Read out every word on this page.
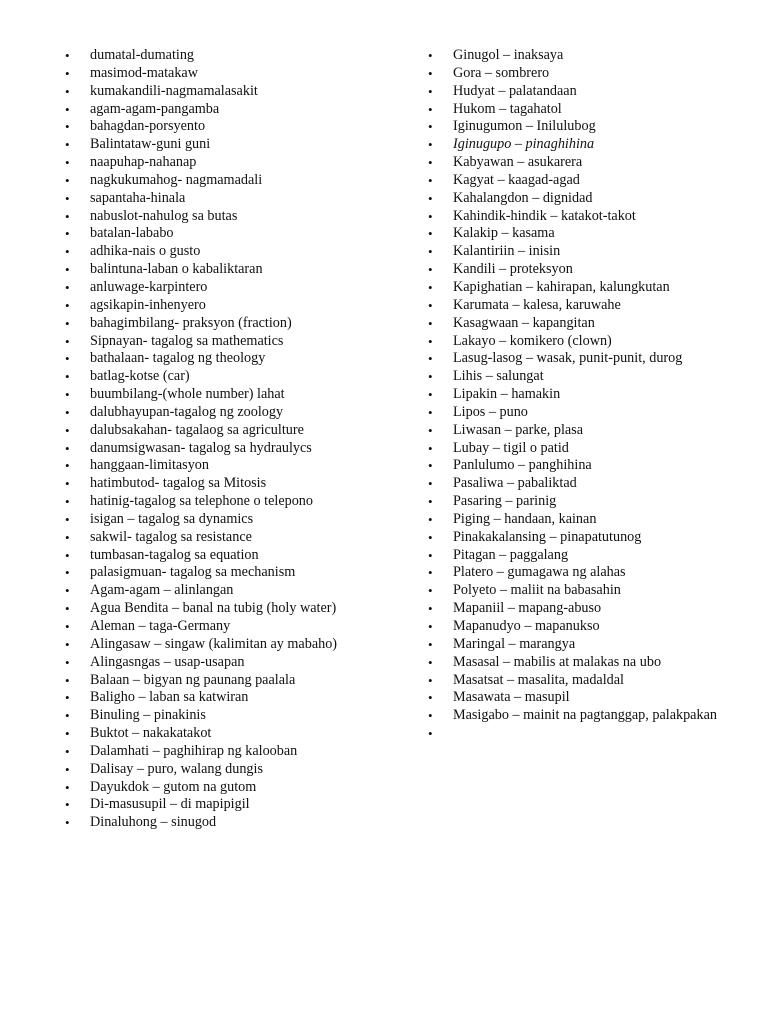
• dumatal-dumating
• masimod-matakaw
• kumakandili-nagmamalasakit
• agam-agam-pangamba
• bahagdan-porsyento
• Balintataw-guni guni
• naapuhap-nahanap
• nagkukumahog- nagmamadali
• sapantaha-hinala
• nabuslot-nahulog sa butas
• batalan-lababo
• adhika-nais o gusto
• balintuna-laban o kabaliktaran
• anluwage-karpintero
• agsikapin-inhenyero
• bahagimbilang- praksyon (fraction)
• Sipnayan- tagalog sa mathematics
• bathalaan- tagalog ng theology
• batlag-kotse (car)
• buumbilang-(whole number) lahat
• dalubhayupan-tagalog ng zoology
• dalubsakahan- tagalaog sa agriculture
• danumsigwasan- tagalog sa hydraulycs
• hanggaan-limitasyon
• hatimbutod- tagalog sa Mitosis
• hatinig-tagalog sa telephone o telepono
• isigan – tagalog sa dynamics
• sakwil- tagalog sa resistance
• tumbasan-tagalog sa equation
• palasigmuan- tagalog sa mechanism
• Agam-agam – alinlangan
• Agua Bendita – banal na tubig (holy water)
• Aleman – taga-Germany
• Alingasaw – singaw (kalimitan ay mabaho)
• Alingasngas – usap-usapan
• Balaan – bigyan ng paunang paalala
• Baligho – laban sa katwiran
• Binuling – pinakinis
• Buktot – nakakatakot
• Dalamhati – paghihirap ng kalooban
• Dalisay – puro, walang dungis
• Dayukdok – gutom na gutom
• Di-masusupil – di mapipigil
• Dinaluhong – sinugod
• Ginugol – inaksaya
• Gora – sombrero
• Hudyat – palatandaan
• Hukom – tagahatol
• Iginugumon – Inilulubog
• Iginugupo – pinaghihina
• Kabyawan – asukarera
• Kagyat – kaagad-agad
• Kahalangdon – dignidad
• Kahindik-hindik – katakot-takot
• Kalakip – kasama
• Kalantiriin – inisin
• Kandili – proteksyon
• Kapighatian – kahirapan, kalungkutan
• Karumata – kalesa, karuwahe
• Kasagwaan – kapangitan
• Lakayo – komikero (clown)
• Lasug-lasog – wasak, punit-punit, durog
• Lihis – salungat
• Lipakin – hamakin
• Lipos – puno
• Liwasan – parke, plasa
• Lubay – tigil o patid
• Panlulumo – panghihina
• Pasaliwa – pabaliktad
• Pasaring – parinig
• Piging – handaan, kainan
• Pinakakalansing – pinapatutunog
• Pitagan – paggalang
• Platero – gumagawa ng alahas
• Polyeto – maliit na babasahin
• Mapaniil – mapang-abuso
• Mapanudyo – mapanukso
• Maringal – marangya
• Masasal – mabilis at malakas na ubo
• Masatsat – masalita, madaldal
• Masawata – masupil
• Masigabo – mainit na pagtanggap, palakpakan
•
